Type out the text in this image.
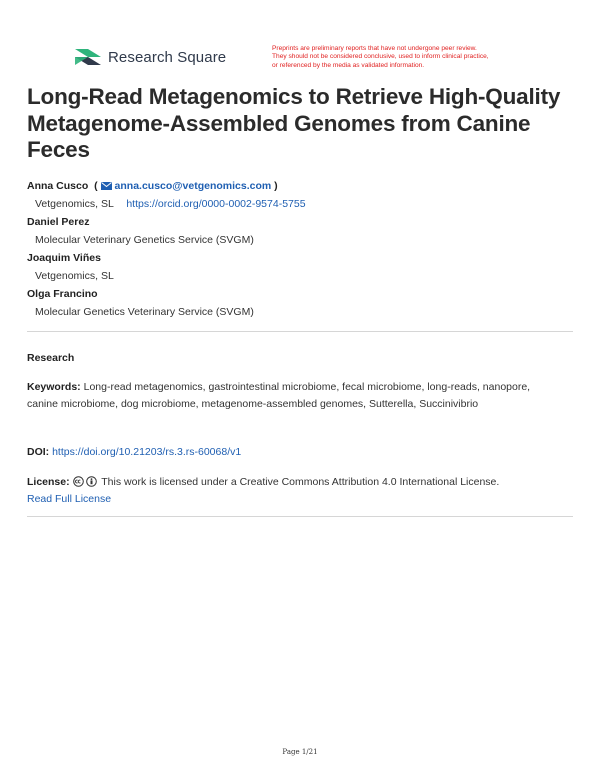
Research Square	Preprints are preliminary reports that have not undergone peer review.
They should not be considered conclusive, used to inform clinical practice,
or referenced by the media as validated information.
Long-Read Metagenomics to Retrieve High-Quality Metagenome-Assembled Genomes from Canine Feces
Anna Cusco  ( anna.cusco@vetgenomics.com )
Vetgenomics, SL https://orcid.org/0000-0002-9574-5755
Daniel Perez
Molecular Veterinary Genetics Service (SVGM)
Joaquim Viñes
Vetgenomics, SL
Olga Francino
Molecular Genetics Veterinary Service (SVGM)
Research
Keywords: Long-read metagenomics, gastrointestinal microbiome, fecal microbiome, long-reads, nanopore, canine microbiome, dog microbiome, metagenome-assembled genomes, Sutterella, Succinivibrio
DOI: https://doi.org/10.21203/rs.3.rs-60068/v1
License:	This work is licensed under a Creative Commons Attribution 4.0 International License.
Read Full License
Page 1/21
